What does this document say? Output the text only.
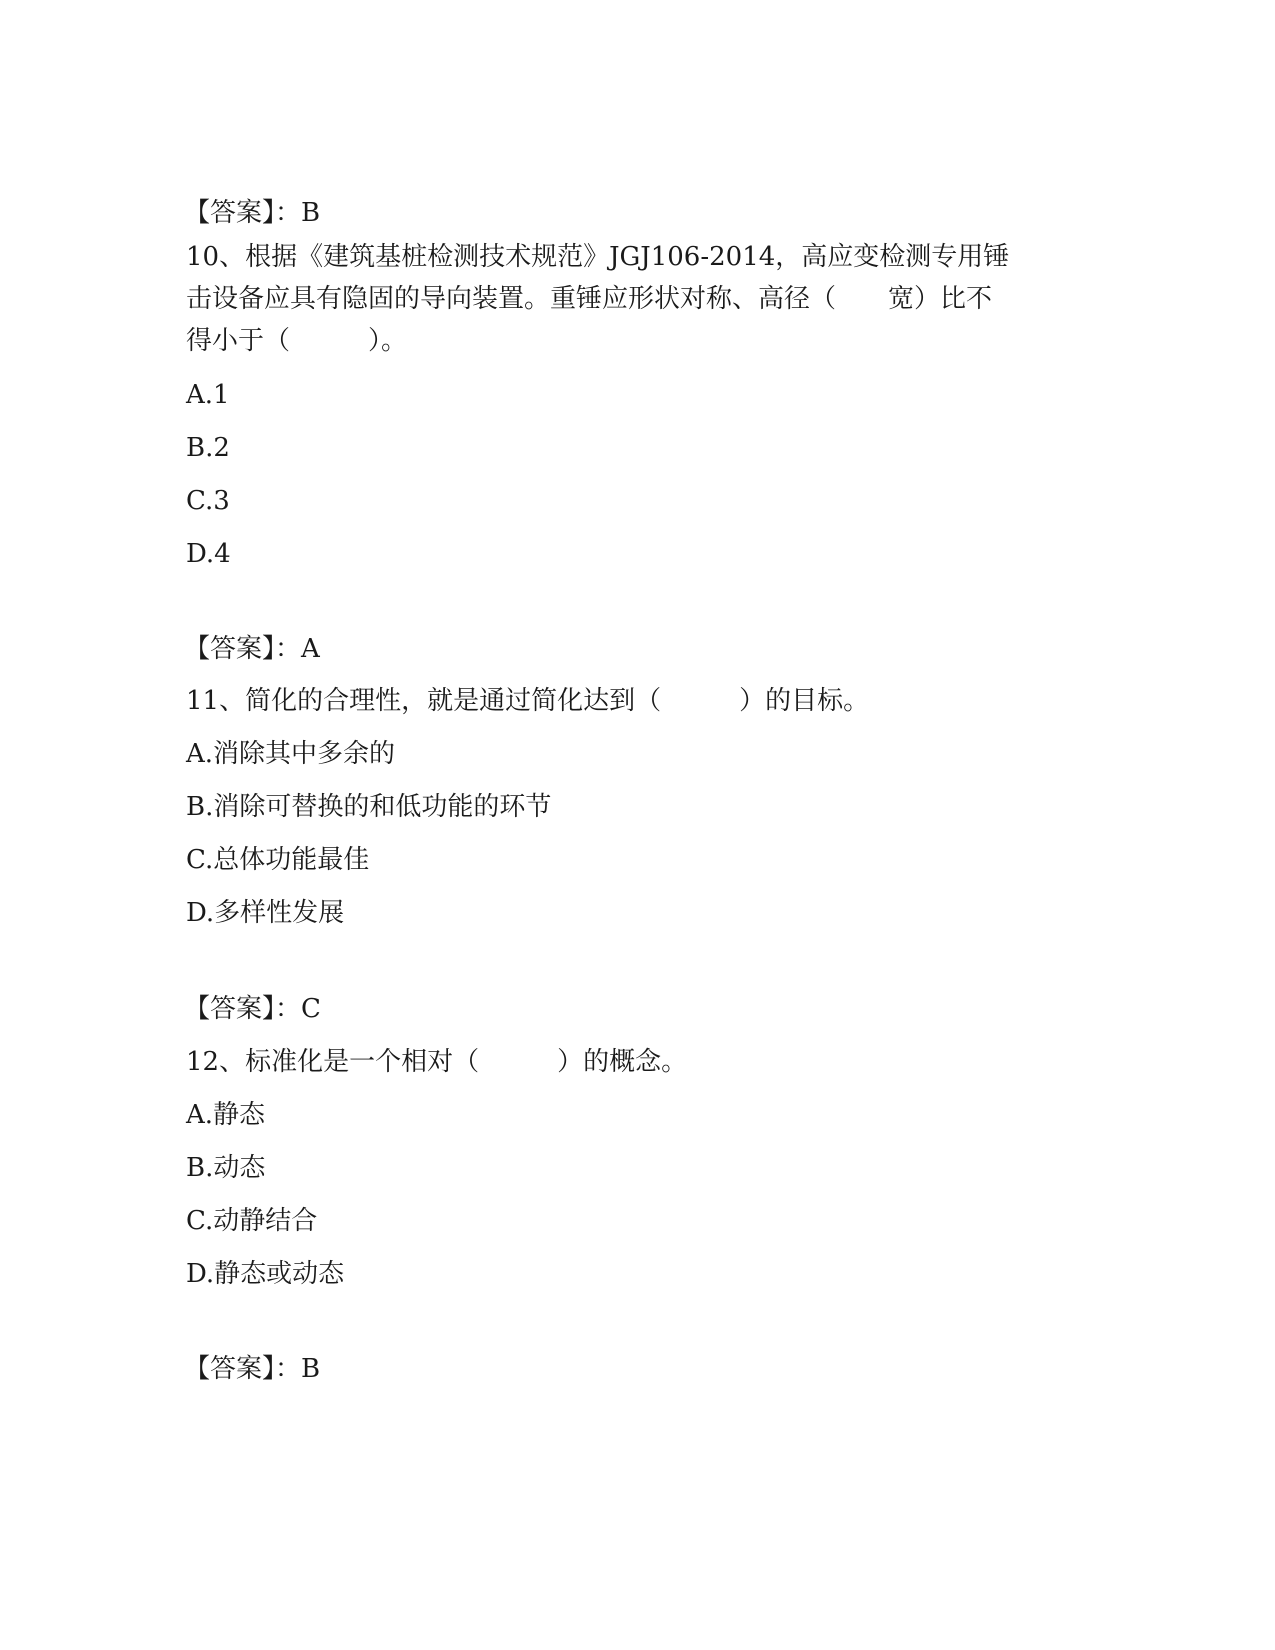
【答案】：B
10、根据《建筑基桩检测技术规范》JGJ106-2014，高应变检测专用锤
击设备应具有隐固的导向装置。重锤应形状对称、高径（　　宽）比不
得小于（　　　）。
A.1
B.2
C.3
D.4
【答案】：A
11、简化的合理性，就是通过简化达到（　　　）的目标。
A.消除其中多余的
B.消除可替换的和低功能的环节
C.总体功能最佳
D.多样性发展
【答案】：C
12、标准化是一个相对（　　　）的概念。
A.静态
B.动态
C.动静结合
D.静态或动态
【答案】：B
